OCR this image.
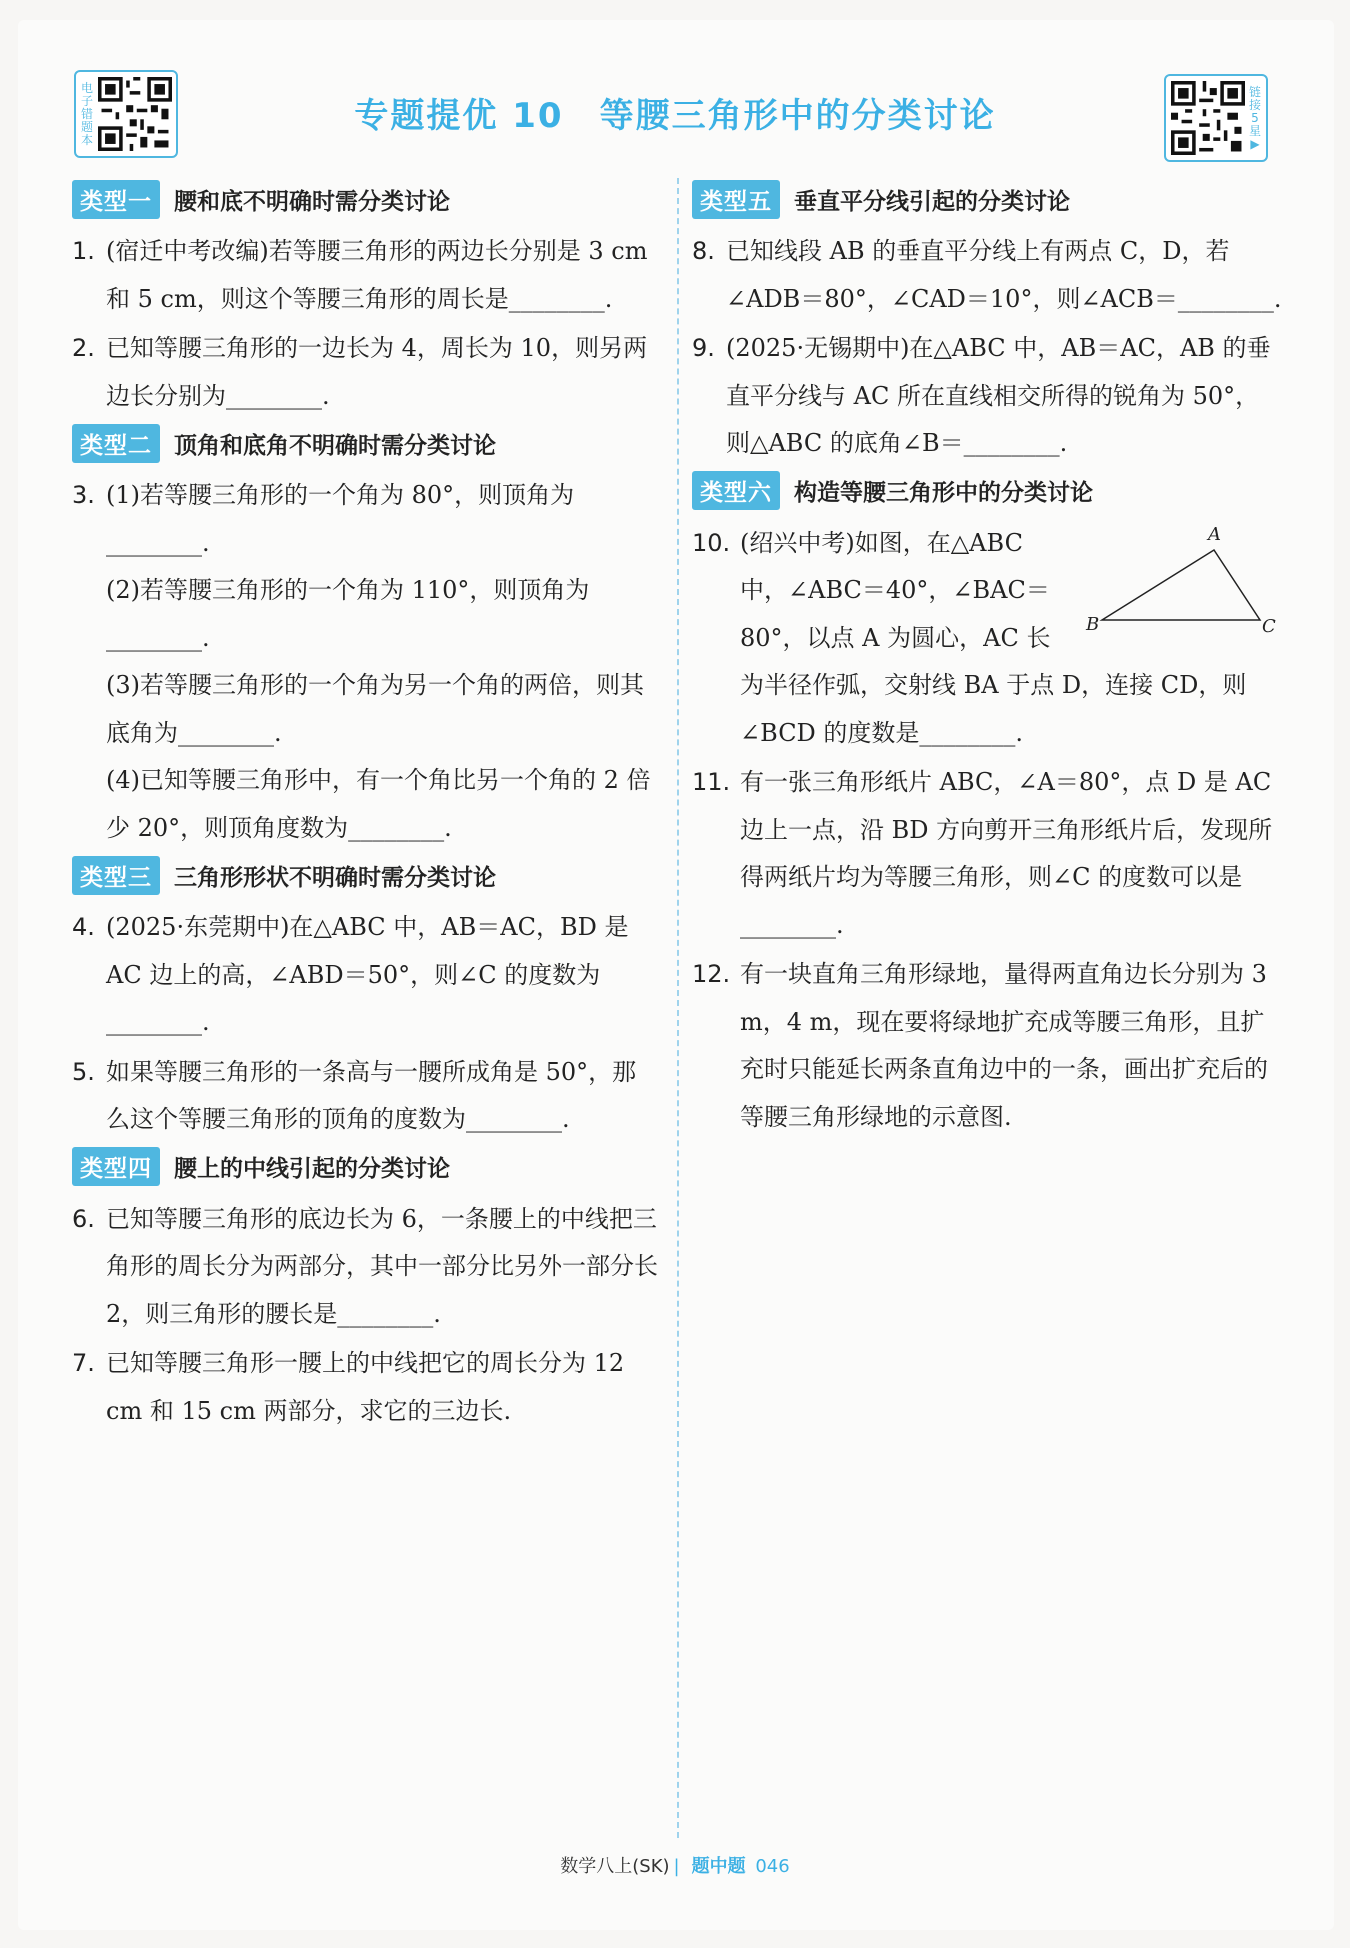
电子错题本
链接5星▶
专题提优 10　等腰三角形中的分类讨论
类型一 腰和底不明确时需分类讨论
1. (宿迁中考改编)若等腰三角形的两边长分别是 3 cm 和 5 cm，则这个等腰三角形的周长是________.
2. 已知等腰三角形的一边长为 4，周长为 10，则另两边长分别为________.
类型二 顶角和底角不明确时需分类讨论
3. (1)若等腰三角形的一个角为 80°，则顶角为________.
(2)若等腰三角形的一个角为 110°，则顶角为________.
(3)若等腰三角形的一个角为另一个角的两倍，则其底角为________.
(4)已知等腰三角形中，有一个角比另一个角的 2 倍少 20°，则顶角度数为________.
类型三 三角形形状不明确时需分类讨论
4. (2025·东莞期中)在△ABC 中，AB＝AC，BD 是 AC 边上的高，∠ABD＝50°，则∠C 的度数为________.
5. 如果等腰三角形的一条高与一腰所成角是 50°，那么这个等腰三角形的顶角的度数为________.
类型四 腰上的中线引起的分类讨论
6. 已知等腰三角形的底边长为 6，一条腰上的中线把三角形的周长分为两部分，其中一部分比另外一部分长 2，则三角形的腰长是________.
7. 已知等腰三角形一腰上的中线把它的周长分为 12 cm 和 15 cm 两部分，求它的三边长.
类型五 垂直平分线引起的分类讨论
8. 已知线段 AB 的垂直平分线上有两点 C，D，若∠ADB＝80°，∠CAD＝10°，则∠ACB＝________.
9. (2025·无锡期中)在△ABC 中，AB＝AC，AB 的垂直平分线与 AC 所在直线相交所得的锐角为 50°，则△ABC 的底角∠B＝________.
类型六 构造等腰三角形中的分类讨论
10.	A
B	C
(绍兴中考)如图，在△ABC
中，∠ABC＝40°，∠BAC＝
80°，以点 A 为圆心，AC 长
为半径作弧，交射线 BA 于点 D，连接 CD，则∠BCD 的度数是________.
11. 有一张三角形纸片 ABC，∠A＝80°，点 D 是 AC 边上一点，沿 BD 方向剪开三角形纸片后，发现所得两纸片均为等腰三角形，则∠C 的度数可以是________.
12. 有一块直角三角形绿地，量得两直角边长分别为 3 m，4 m，现在要将绿地扩充成等腰三角形，且扩充时只能延长两条直角边中的一条，画出扩充后的等腰三角形绿地的示意图.
数学八上(SK) | 题中题 046
